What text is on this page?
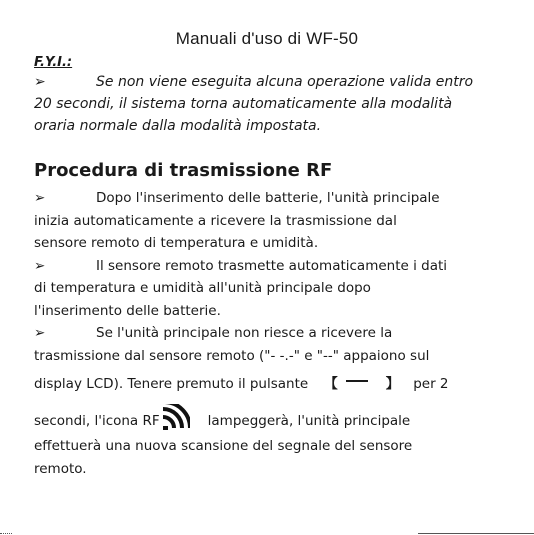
Manuali d'uso di WF-50
F.Y.I.:
➢	Se non viene eseguita alcuna operazione valida entro
20 secondi, il sistema torna automaticamente alla modalità
oraria normale dalla modalità impostata.
Procedura di trasmissione RF
➢	Dopo l'inserimento delle batterie, l'unità principale
inizia automaticamente a ricevere la trasmissione dal
sensore remoto di temperatura e umidità.
➢	Il sensore remoto trasmette automaticamente i dati
di temperatura e umidità all'unità principale dopo
l'inserimento delle batterie.
➢	Se l'unità principale non riesce a ricevere la
trasmissione dal sensore remoto ("- -.-" e "--" appaiono sul
display LCD). Tenere premuto il pulsante 【	】 per 2
secondi, l'icona RF	lampeggerà, l'unità principale
effettuerà una nuova scansione del segnale del sensore
remoto.
